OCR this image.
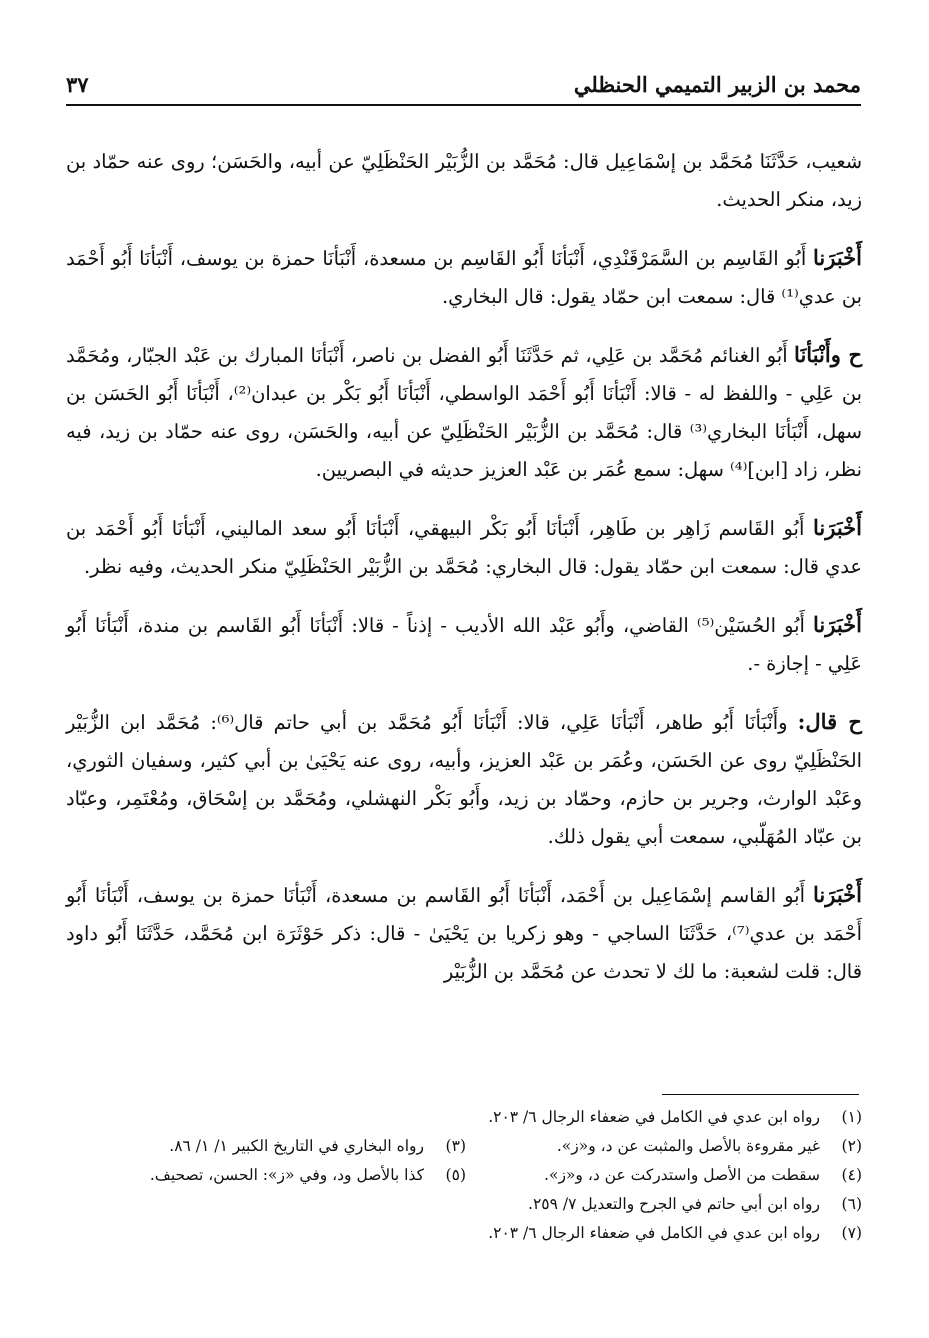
محمد بن الزبير التميمي الحنظلي
٣٧

شعيب، حَدَّثَنَا مُحَمَّد بن إسْمَاعِيل قال: مُحَمَّد بن الزُّبَيْر الحَنْظَلِيّ عن أبيه، والحَسَن؛ روى عنه حمّاد بن زيد، منكر الحديث.

أَخْبَرَنا أَبُو القَاسِم بن السَّمَرْقَنْدِي، أَنْبَأنَا أَبُو القَاسِم بن مسعدة، أَنْبَأنَا حمزة بن يوسف، أَنْبَأنَا أَبُو أَحْمَد بن عدي⁽¹⁾ قال: سمعت ابن حمّاد يقول: قال البخاري.

ح وأَنْبَأنَا أَبُو الغنائم مُحَمَّد بن عَلِي، ثم حَدَّثَنَا أَبُو الفضل بن ناصر، أَنْبَأنَا المبارك بن عَبْد الجبّار، ومُحَمَّد بن عَلِي - واللفظ له - قالا: أَنْبَأنَا أَبُو أَحْمَد الواسطي، أَنْبَأنَا أَبُو بَكْر بن عبدان⁽²⁾، أَنْبَأنَا أَبُو الحَسَن بن سهل، أَنْبَأنَا البخاري⁽³⁾ قال: مُحَمَّد بن الزُّبَيْر الحَنْظَلِيّ عن أبيه، والحَسَن، روى عنه حمّاد بن زيد، فيه نظر، زاد [ابن]⁽⁴⁾ سهل: سمع عُمَر بن عَبْد العزيز حديثه في البصريين.

أَخْبَرَنا أَبُو القَاسم زَاهِر بن طَاهِر، أَنْبَأنَا أَبُو بَكْر البيهقي، أَنْبَأنَا أَبُو سعد الماليني، أَنْبَأنَا أَبُو أَحْمَد بن عدي قال: سمعت ابن حمّاد يقول: قال البخاري: مُحَمَّد بن الزُّبَيْر الحَنْظَلِيّ منكر الحديث، وفيه نظر.

أَخْبَرَنا أَبُو الحُسَيْن⁽⁵⁾ القاضي، وأَبُو عَبْد الله الأديب - إذناً - قالا: أَنْبَأنَا أَبُو القَاسم بن مندة، أَنْبَأنَا أَبُو عَلِي - إجازة -.

ح قال: وأَنْبَأنَا أَبُو طاهر، أَنْبَأنَا عَلِي، قالا: أَنْبَأنَا أَبُو مُحَمَّد بن أبي حاتم قال⁽⁶⁾: مُحَمَّد ابن الزُّبَيْر الحَنْظَلِيّ روى عن الحَسَن، وعُمَر بن عَبْد العزيز، وأبيه، روى عنه يَحْيَىٰ بن أبي كثير، وسفيان الثوري، وعَبْد الوارث، وجرير بن حازم، وحمّاد بن زيد، وأَبُو بَكْر النهشلي، ومُحَمَّد بن إسْحَاق، ومُعْتَمِر، وعبّاد بن عبّاد المُهَلّبي، سمعت أبي يقول ذلك.

أَخْبَرَنا أَبُو القاسم إسْمَاعِيل بن أَحْمَد، أَنْبَأنَا أَبُو القَاسم بن مسعدة، أَنْبَأنَا حمزة بن يوسف، أَنْبَأنَا أَبُو أَحْمَد بن عدي⁽⁷⁾، حَدَّثَنَا الساجي - وهو زكريا بن يَحْيَىٰ - قال: ذكر حَوْثَرَة ابن مُحَمَّد، حَدَّثَنَا أَبُو داود قال: قلت لشعبة: ما لك لا تحدث عن مُحَمَّد بن الزُّبَيْر

(١)
رواه ابن عدي في الكامل في ضعفاء الرجال ٦/ ٢٠٣.
(٢)
غير مقروءة بالأصل والمثبت عن د، و«ز».
(٣)
رواه البخاري في التاريخ الكبير ١/ ١/ ٨٦.
(٤)
سقطت من الأصل واستدركت عن د، و«ز».
(٥)
كذا بالأصل ود، وفي «ز»: الحسن، تصحيف.
(٦)
رواه ابن أبي حاتم في الجرح والتعديل ٧/ ٢٥٩.
(٧)
رواه ابن عدي في الكامل في ضعفاء الرجال ٦/ ٢٠٣.
